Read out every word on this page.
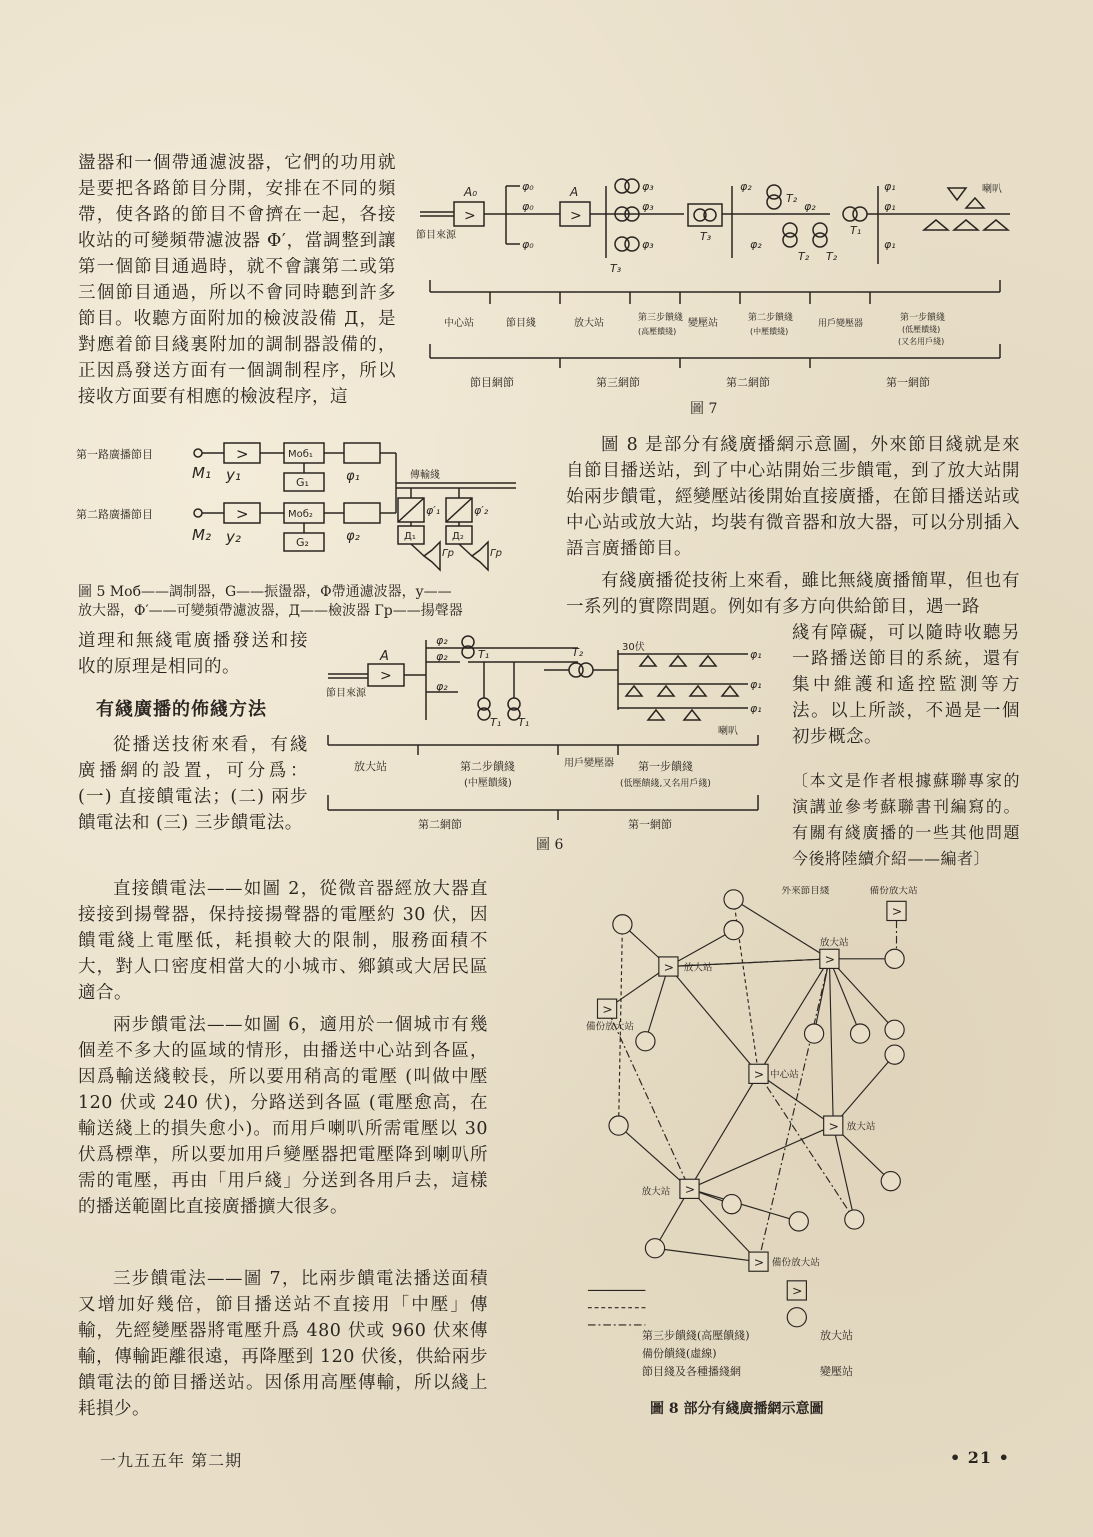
盪器和一個帶通濾波器，它們的功用就是要把各路節目分開，安排在不同的頻帶，使各路的節目不會擠在一起，各接收站的可變頻帶濾波器 Φ′，當調整到讓第一個節目通過時，就不會讓第二或第三個節目通過，所以不會同時聽到許多節目。收聽方面附加的檢波設備 Д，是對應着節目綫裏附加的調制器設備的，正因爲發送方面有一個調制程序，所以接收方面要有相應的檢波程序，這

>
>
第一路廣播節目
第二路廣播節目
M₁ y₁
M₂ y₂
Moб₁
Moб₂
G₁
G₂
φ₁
φ₂
傳輸綫
φ′₁	φ′₂
Д₁	Д₂
Гр	Гр

圖 5 Moб——調制器，G——振盪器，Φ帶通濾波器，y——

放大器，Φ′——可變頻帶濾波器，Д——檢波器 Гр——揚聲器

道理和無綫電廣播發送和接收的原理是相同的。

有綫廣播的佈綫方法

從播送技術來看，有綫廣播網的設置，可分爲：(一) 直接饋電法；(二) 兩步饋電法和 (三) 三步饋電法。

>
A
節目來源
φ₂
φ₂
φ₂
T₁
T₁ T₁
T₂	30伏
φ₁
φ₁
φ₁
喇叭
放大站	第二步饋綫
(中壓饋綫)
用戶變壓器 第一步饋綫
(低壓饋綫,又名用戶綫)
第二網節	第一網節

圖 6

直接饋電法——如圖 2，從微音器經放大器直接接到揚聲器，保持接揚聲器的電壓約 30 伏，因饋電綫上電壓低，耗損較大的限制，服務面積不大，對人口密度相當大的小城市、鄉鎮或大居民區適合。

兩步饋電法——如圖 6，適用於一個城市有幾個差不多大的區域的情形，由播送中心站到各區，因爲輸送綫較長，所以要用稍高的電壓 (叫做中壓 120 伏或 240 伏)，分路送到各區 (電壓愈高，在輸送綫上的損失愈小)。而用戶喇叭所需電壓以 30 伏爲標準，所以要加用戶變壓器把電壓降到喇叭所需的電壓，再由「用戶綫」分送到各用戶去，這樣的播送範圍比直接廣播擴大很多。

三步饋電法——圖 7，比兩步饋電法播送面積又增加好幾倍，節目播送站不直接用「中壓」傳輸，先經變壓器將電壓升爲 480 伏或 960 伏來傳輸，傳輸距離很遠，再降壓到 120 伏後，供給兩步饋電法的節目播送站。因係用高壓傳輸，所以綫上耗損少。

>	>
A₀	A
節目來源
φ₀
φ₀
φ₀
φ₃
φ₃
φ₃
T₃
T₃
φ₂
φ₂
φ₂
T₂
T₂ T₂
T₁
φ₁
φ₁
φ₁
喇叭
中心站	節目綫	放大站	第三步饋綫
(高壓饋綫)
變壓站	第二步饋綫
(中壓饋綫)
用戶變壓器
第一步饋綫
(低壓饋綫)
(又名用戶綫)
節目網節	第三網節	第二網節	第一網節

圖 7

圖 8 是部分有綫廣播網示意圖，外來節目綫就是來自節目播送站，到了中心站開始三步饋電，到了放大站開始兩步饋電，經變壓站後開始直接廣播，在節目播送站或中心站或放大站，均裝有微音器和放大器，可以分別插入語言廣播節目。

有綫廣播從技術上來看，雖比無綫廣播簡單，但也有一系列的實際問題。例如有多方向供給節目，遇一路

綫有障礙，可以隨時收聽另一路播送節目的系統，還有集中維護和遙控監測等方法。以上所談，不過是一個初步概念。

〔本文是作者根據蘇聯專家的演講並參考蘇聯書刊編寫的。有關有綫廣播的一些其他問題今後將陸續介紹——編者〕

>
>
>
>
>
>
>
>
>
外來節目綫	備份放大站
備份放大站
備份放大站
放大站
放大站
放大站
放大站
中心站

第三步饋綫(高壓饋綫)

備份饋綫(虛線)

節目綫及各種播綫網

放大站

變壓站

一九五五年 第二期	• 21 •

圖 8 部分有綫廣播網示意圖
